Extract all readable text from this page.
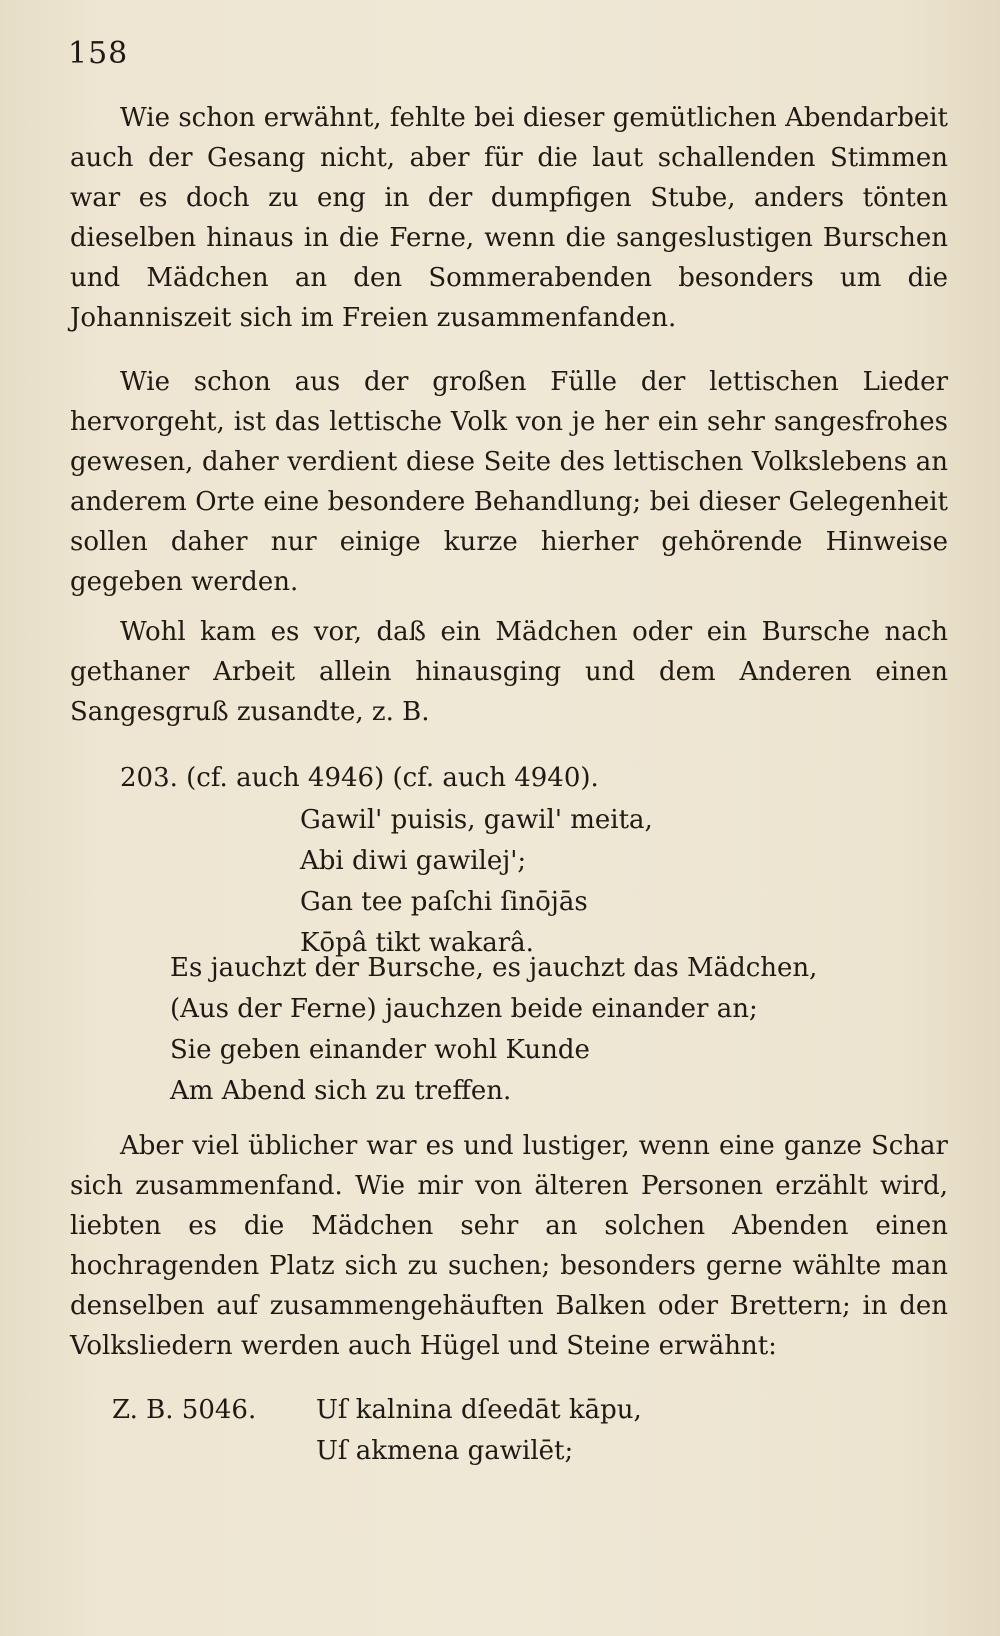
158

Wie schon erwähnt, fehlte bei dieser gemütlichen Abendarbeit auch der Gesang nicht, aber für die laut schallenden Stimmen war es doch zu eng in der dumpfigen Stube, anders tönten dieselben hinaus in die Ferne, wenn die sangeslustigen Burschen und Mädchen an den Sommerabenden besonders um die Johanniszeit sich im Freien zusammenfanden.

Wie schon aus der großen Fülle der lettischen Lieder hervorgeht, ist das lettische Volk von je her ein sehr sangesfrohes gewesen, daher verdient diese Seite des lettischen Volkslebens an anderem Orte eine besondere Behandlung; bei dieser Gelegenheit sollen daher nur einige kurze hierher gehörende Hinweise gegeben werden.

Wohl kam es vor, daß ein Mädchen oder ein Bursche nach gethaner Arbeit allein hinausging und dem Anderen einen Sangesgruß zusandte, z. B.

203. (cf. auch 4946) (cf. auch 4940).
Gawil' puisis, gawil' meita,
Abi diwi gawilej';
Gan tee paſchi ſinōjās
Kōpâ tikt wakarâ.
Es jauchzt der Bursche, es jauchzt das Mädchen,
(Aus der Ferne) jauchzen beide einander an;
Sie geben einander wohl Kunde
Am Abend sich zu treffen.

Aber viel üblicher war es und lustiger, wenn eine ganze Schar sich zusammenfand. Wie mir von älteren Personen erzählt wird, liebten es die Mädchen sehr an solchen Abenden einen hochragenden Platz sich zu suchen; besonders gerne wählte man denselben auf zusammengehäuften Balken oder Brettern; in den Volksliedern werden auch Hügel und Steine erwähnt:

Z. B. 5046. Uſ kalnina dſeedāt kāpu,
Uſ akmena gawilēt;
